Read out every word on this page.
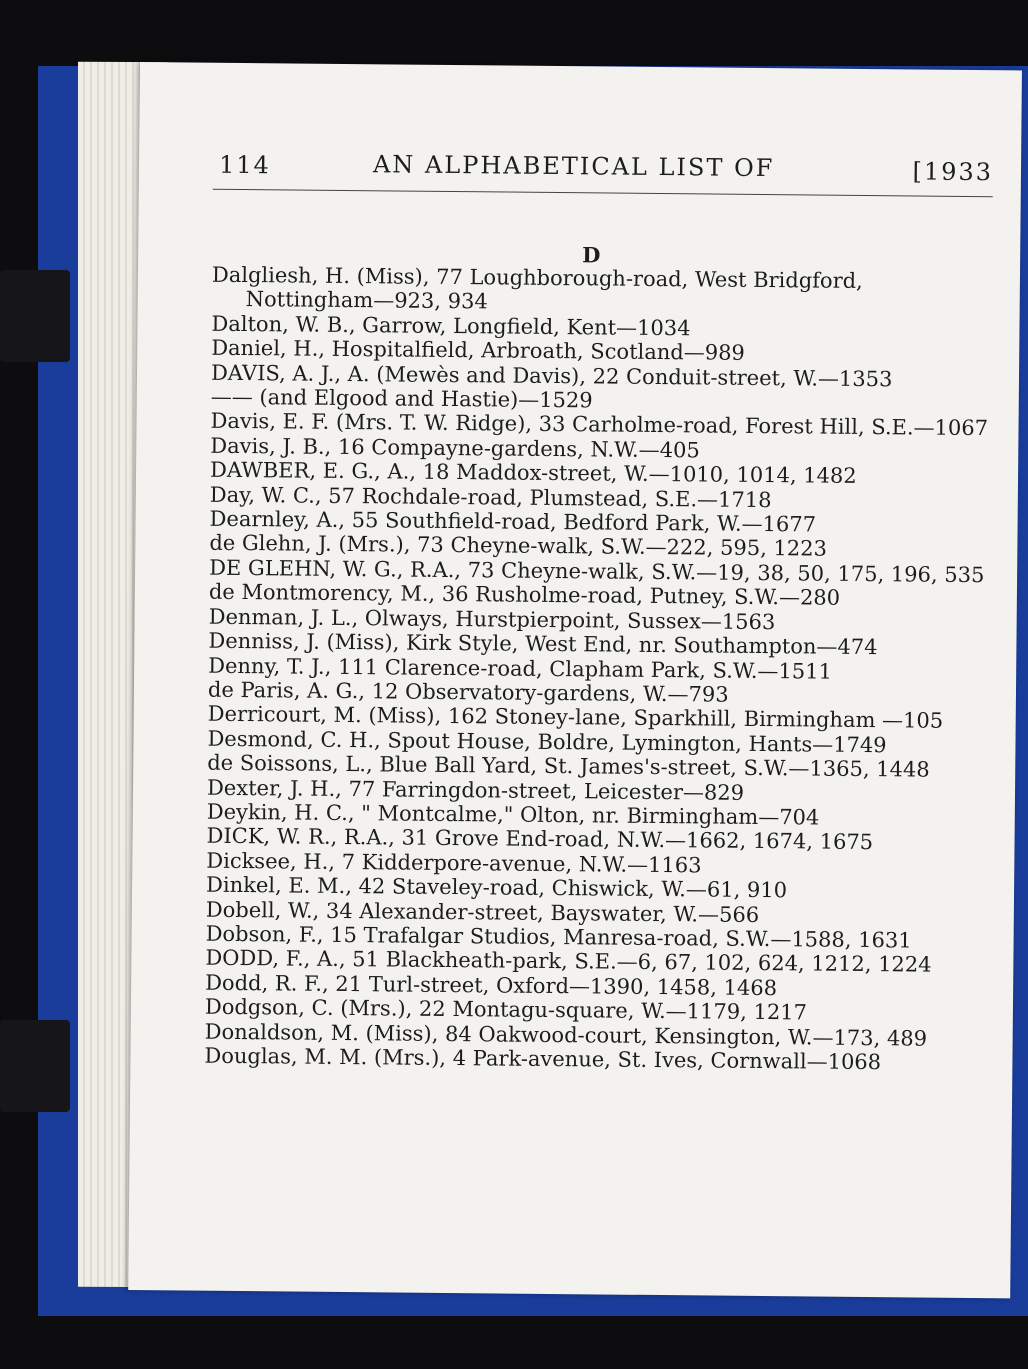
114	AN ALPHABETICAL LIST OF	[1933
D
Dalgliesh, H. (Miss), 77 Loughborough-road, West Bridgford, Nottingham—923, 934
Dalton, W. B., Garrow, Longfield, Kent—1034
Daniel, H., Hospitalfield, Arbroath, Scotland—989
DAVIS, A. J., A. (Mewès and Davis), 22 Conduit-street, W.—1353
—— (and Elgood and Hastie)—1529
Davis, E. F. (Mrs. T. W. Ridge), 33 Carholme-road, Forest Hill, S.E.—1067
Davis, J. B., 16 Compayne-gardens, N.W.—405
DAWBER, E. G., A., 18 Maddox-street, W.—1010, 1014, 1482
Day, W. C., 57 Rochdale-road, Plumstead, S.E.—1718
Dearnley, A., 55 Southfield-road, Bedford Park, W.—1677
de Glehn, J. (Mrs.), 73 Cheyne-walk, S.W.—222, 595, 1223
DE GLEHN, W. G., R.A., 73 Cheyne-walk, S.W.—19, 38, 50, 175, 196, 535
de Montmorency, M., 36 Rusholme-road, Putney, S.W.—280
Denman, J. L., Olways, Hurstpierpoint, Sussex—1563
Denniss, J. (Miss), Kirk Style, West End, nr. Southampton—474
Denny, T. J., 111 Clarence-road, Clapham Park, S.W.—1511
de Paris, A. G., 12 Observatory-gardens, W.—793
Derricourt, M. (Miss), 162 Stoney-lane, Sparkhill, Birmingham —105
Desmond, C. H., Spout House, Boldre, Lymington, Hants—1749
de Soissons, L., Blue Ball Yard, St. James's-street, S.W.—1365, 1448
Dexter, J. H., 77 Farringdon-street, Leicester—829
Deykin, H. C., " Montcalme," Olton, nr. Birmingham—704
DICK, W. R., R.A., 31 Grove End-road, N.W.—1662, 1674, 1675
Dicksee, H., 7 Kidderpore-avenue, N.W.—1163
Dinkel, E. M., 42 Staveley-road, Chiswick, W.—61, 910
Dobell, W., 34 Alexander-street, Bayswater, W.—566
Dobson, F., 15 Trafalgar Studios, Manresa-road, S.W.—1588, 1631
DODD, F., A., 51 Blackheath-park, S.E.—6, 67, 102, 624, 1212, 1224
Dodd, R. F., 21 Turl-street, Oxford—1390, 1458, 1468
Dodgson, C. (Mrs.), 22 Montagu-square, W.—1179, 1217
Donaldson, M. (Miss), 84 Oakwood-court, Kensington, W.—173, 489
Douglas, M. M. (Mrs.), 4 Park-avenue, St. Ives, Cornwall—1068
